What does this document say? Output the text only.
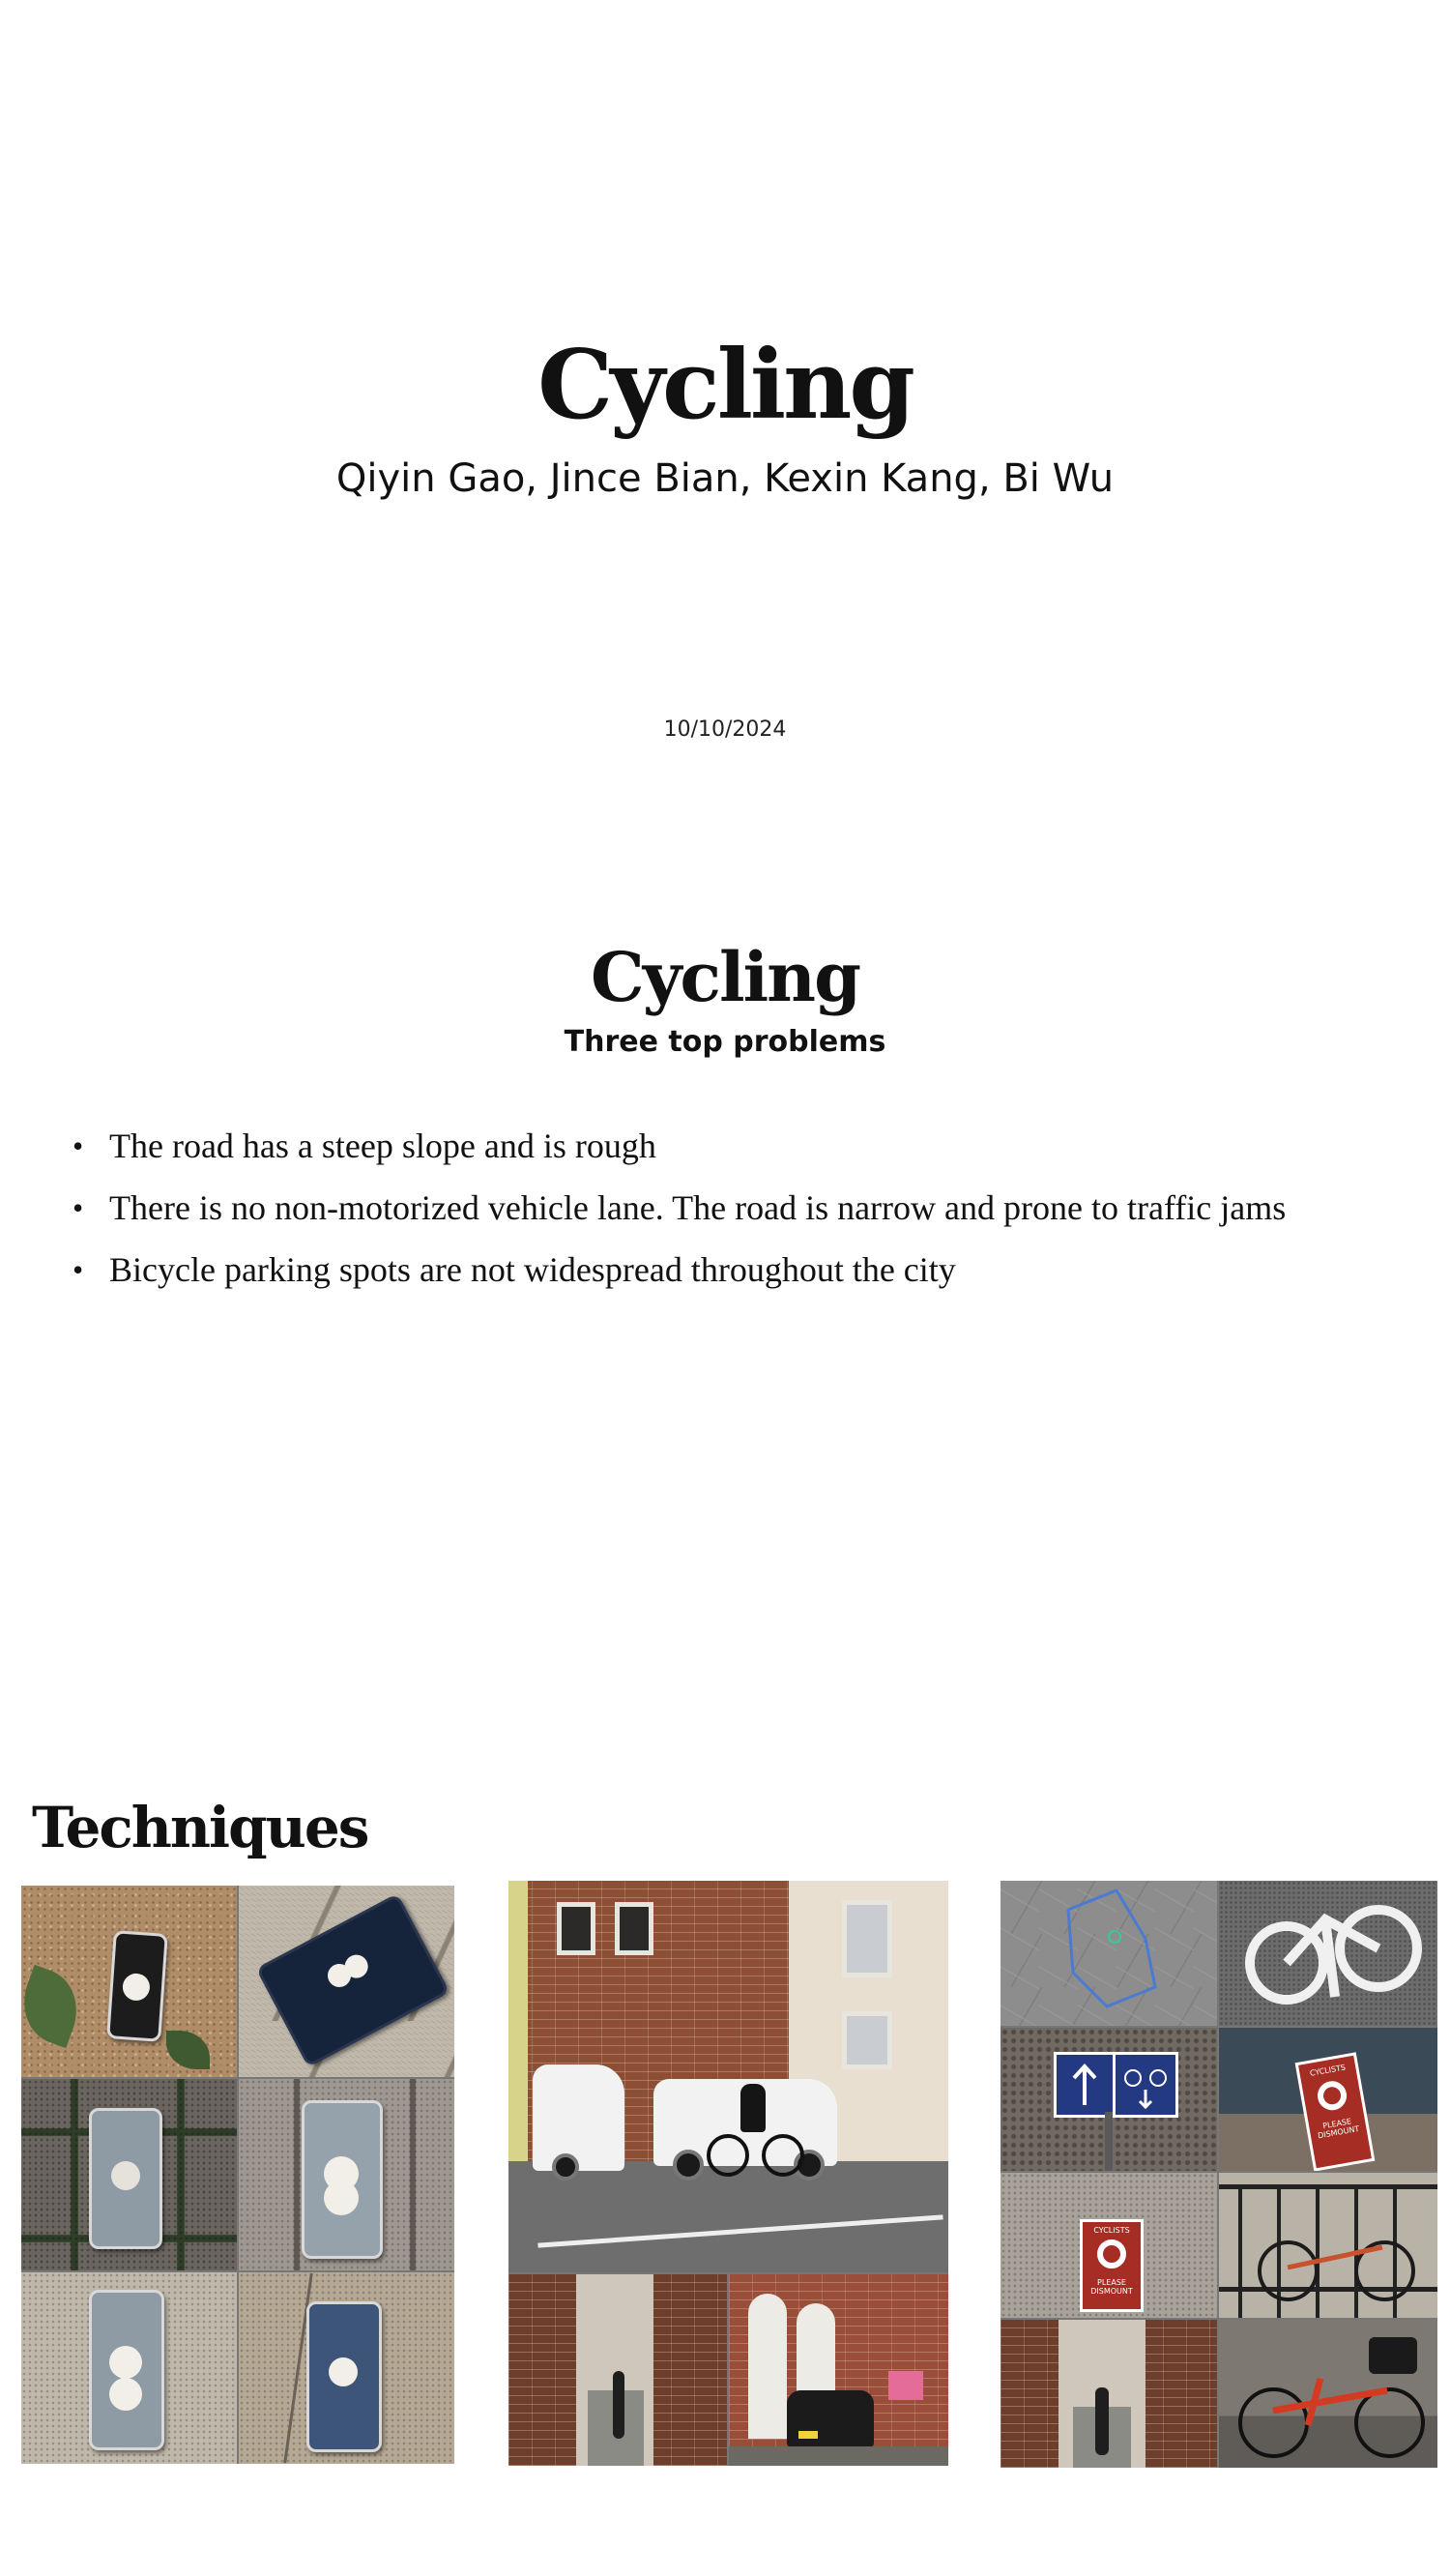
Cycling
Qiyin Gao, Jince Bian, Kexin Kang, Bi Wu
10/10/2024
Cycling
Three top problems
• The road has a steep slope and is rough
• There is no non-motorized vehicle lane. The road is narrow and prone to traffic jams
• Bicycle parking spots are not widespread throughout the city
Techniques
CYCLISTS
PLEASE DISMOUNT
CYCLISTS
PLEASE DISMOUNT
